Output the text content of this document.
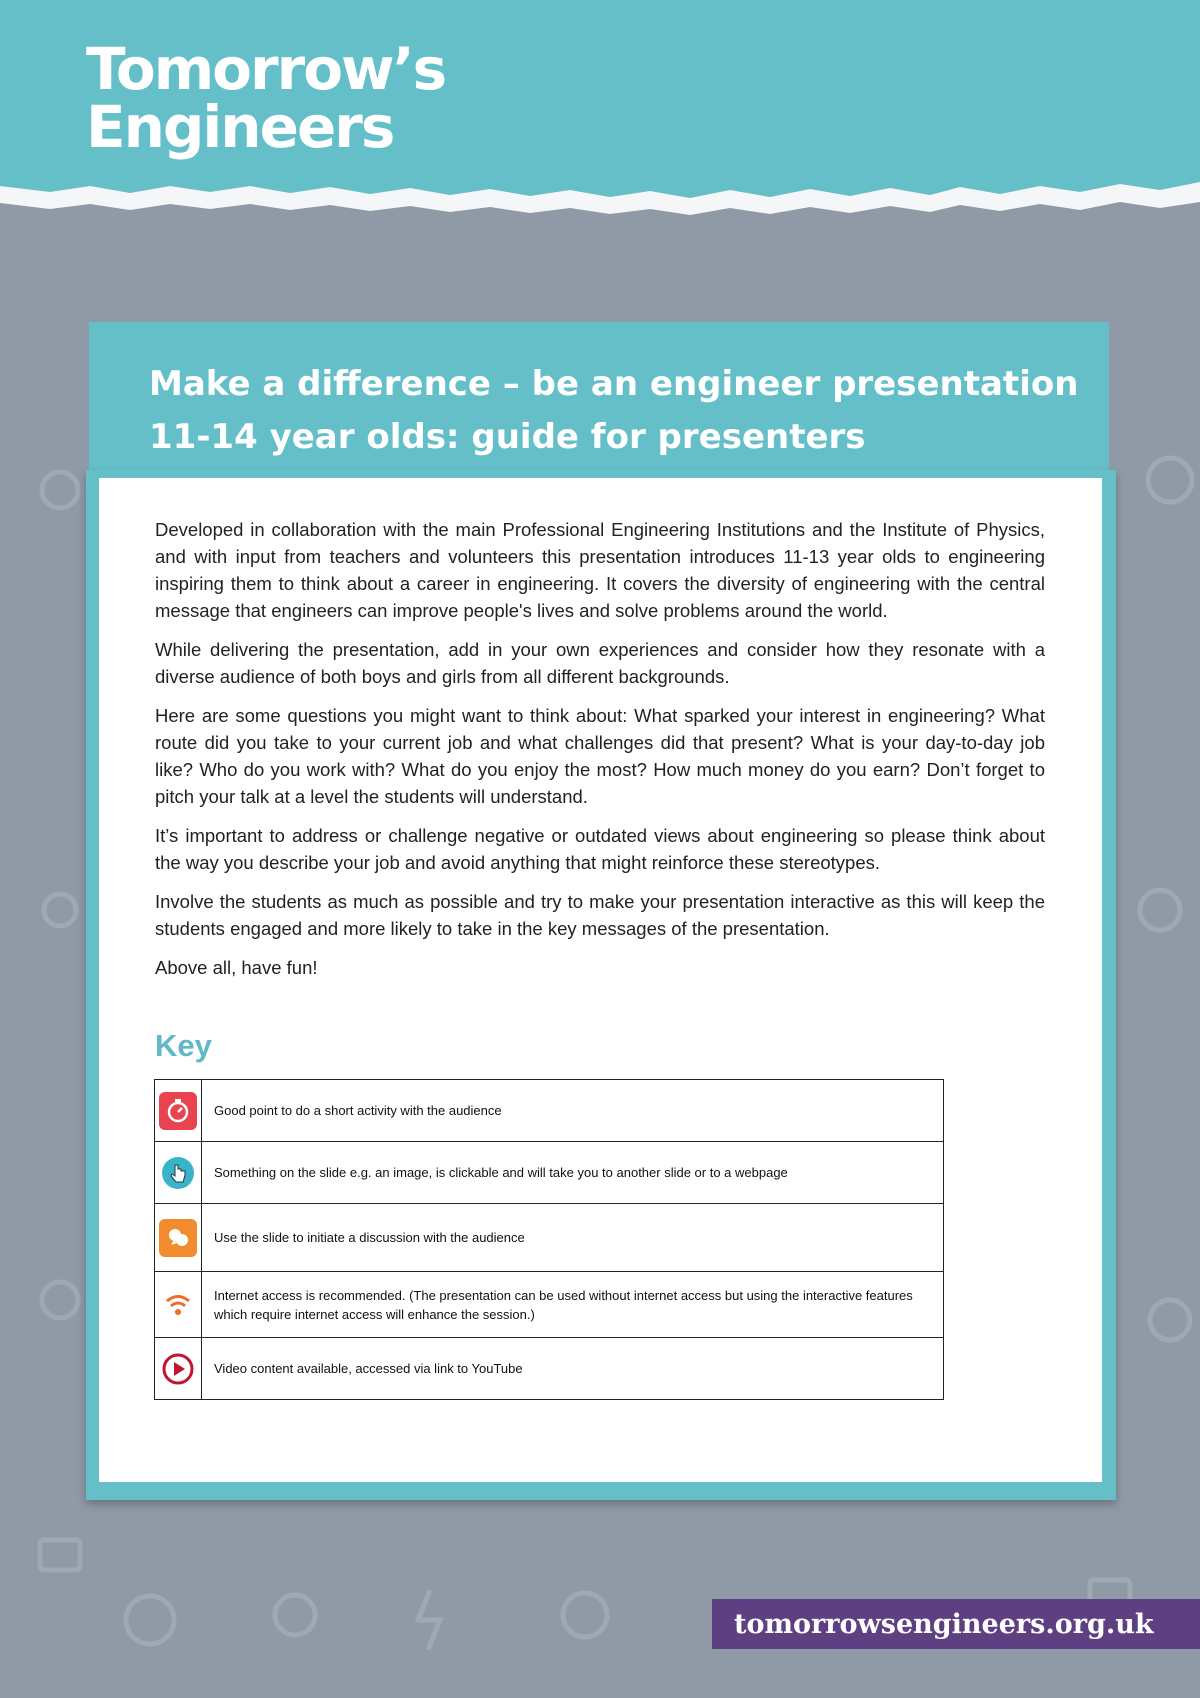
Tomorrow’s
Engineers
Make a difference – be an engineer presentation
11-14 year olds: guide for presenters

Developed in collaboration with the main Professional Engineering Institutions and the Institute of Physics, and with input from teachers and volunteers this presentation introduces 11-13 year olds to engineering inspiring them to think about a career in engineering. It covers the diversity of engineering with the central message that engineers can improve people's lives and solve problems around the world.

While delivering the presentation, add in your own experiences and consider how they resonate with a diverse audience of both boys and girls from all different backgrounds.

Here are some questions you might want to think about: What sparked your interest in engineering? What route did you take to your current job and what challenges did that present? What is your day-to-day job like? Who do you work with? What do you enjoy the most? How much money do you earn? Don’t forget to pitch your talk at a level the students will understand.

It’s important to address or challenge negative or outdated views about engineering so please think about the way you describe your job and avoid anything that might reinforce these stereotypes.

Involve the students as much as possible and try to make your presentation interactive as this will keep the students engaged and more likely to take in the key messages of the presentation.

Above all, have fun!

Key
	Good point to do a short activity with the audience

	Something on the slide e.g. an image, is clickable and will take you to another slide or to a webpage

	Use the slide to initiate a discussion with the audience

	Internet access is recommended. (The presentation can be used without internet access but using the interactive features which require internet access will enhance the session.)

	Video content available, accessed via link to YouTube
tomorrowsengineers.org.uk
